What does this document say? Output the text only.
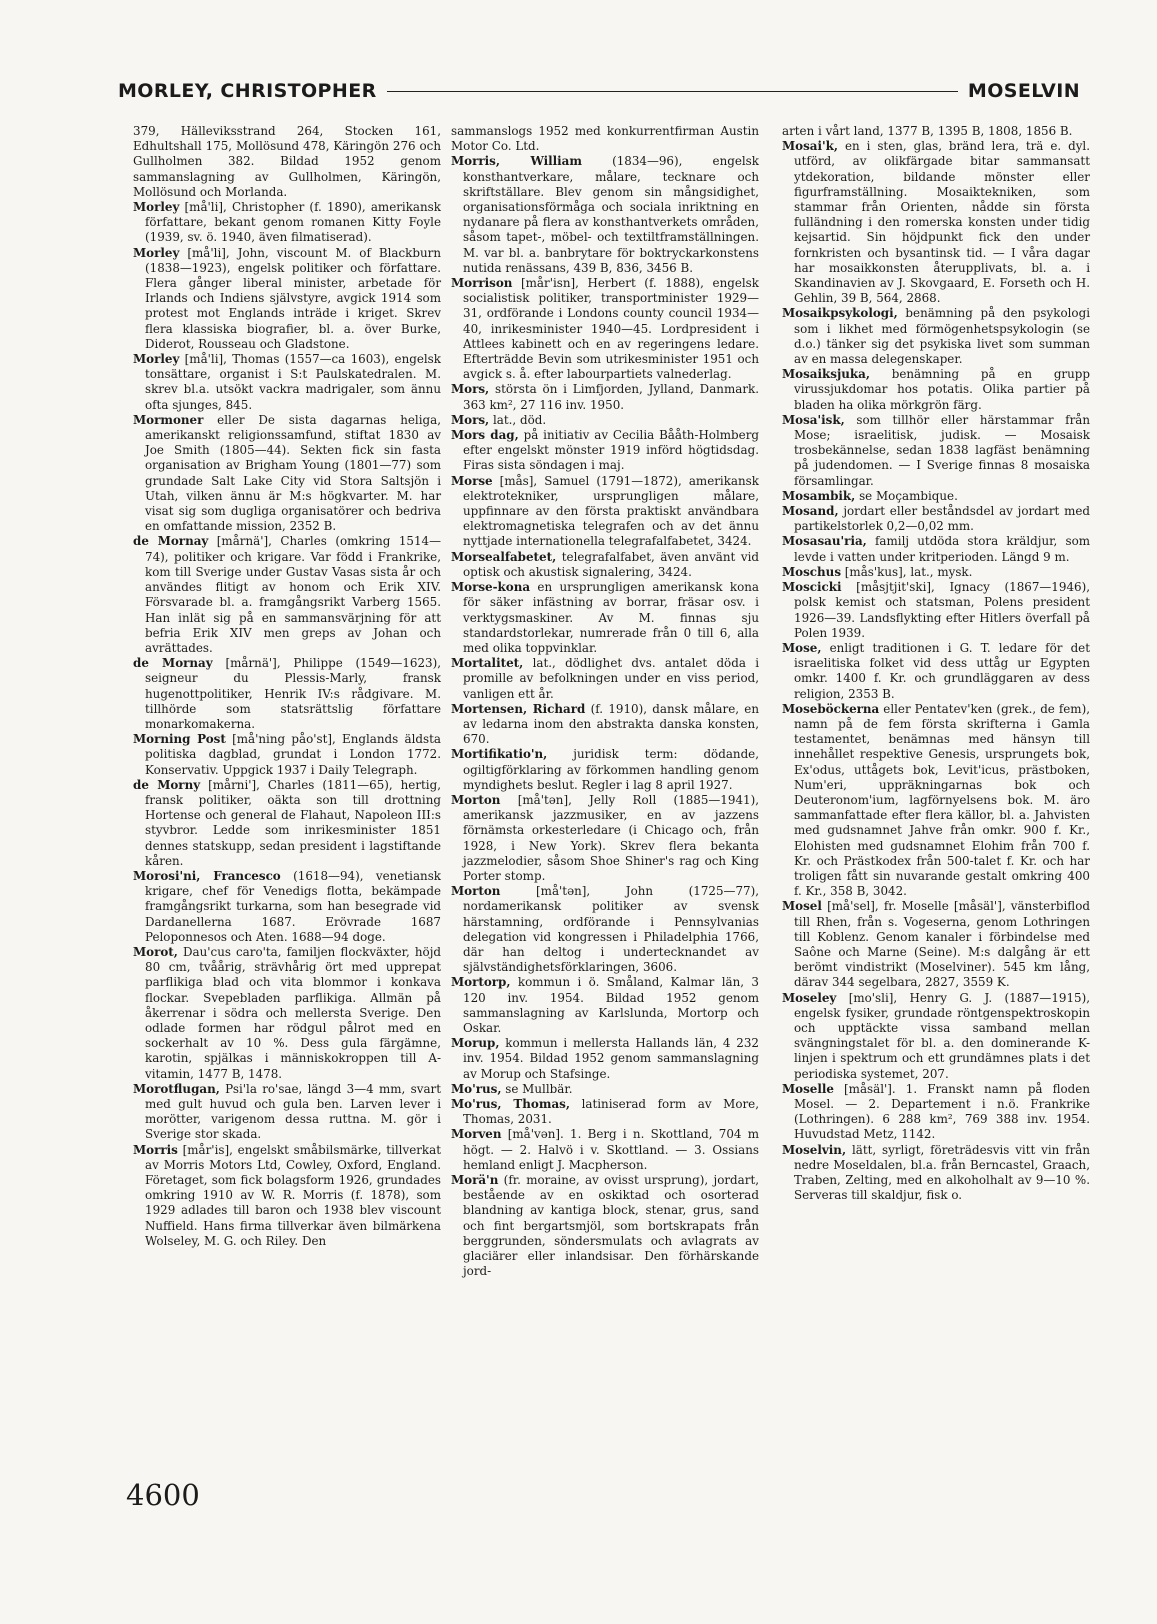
MORLEY, CHRISTOPHER	MOSELVIN

379, Hälleviksstrand 264, Stocken 161, Edhultshall 175, Mollösund 478, Käringön 276 och Gullholmen 382. Bildad 1952 genom sammanslagning av Gullholmen, Käringön, Mollösund och Morlanda.

Morley [må'li], Christopher (f. 1890), amerikansk författare, bekant genom romanen Kitty Foyle (1939, sv. ö. 1940, även filmatiserad).

Morley [må'li], John, viscount M. of Blackburn (1838—1923), engelsk politiker och författare. Flera gånger liberal minister, arbetade för Irlands och Indiens självstyre, avgick 1914 som protest mot Englands inträde i kriget. Skrev flera klassiska biografier, bl. a. över Burke, Diderot, Rousseau och Gladstone.

Morley [må'li], Thomas (1557—ca 1603), engelsk tonsättare, organist i S:t Paulskatedralen. M. skrev bl.a. utsökt vackra madrigaler, som ännu ofta sjunges, 845.

Mormoner eller De sista dagarnas heliga, amerikanskt religionssamfund, stiftat 1830 av Joe Smith (1805—44). Sekten fick sin fasta organisation av Brigham Young (1801—77) som grundade Salt Lake City vid Stora Saltsjön i Utah, vilken ännu är M:s högkvarter. M. har visat sig som dugliga organisatörer och bedriva en omfattande mission, 2352 B.

de Mornay [mårnä'], Charles (omkring 1514—74), politiker och krigare. Var född i Frankrike, kom till Sverige under Gustav Vasas sista år och användes flitigt av honom och Erik XIV. Försvarade bl. a. framgångsrikt Varberg 1565. Han inlät sig på en sammansvärjning för att befria Erik XIV men greps av Johan och avrättades.

de Mornay [mårnä'], Philippe (1549—1623), seigneur du Plessis-Marly, fransk hugenottpolitiker, Henrik IV:s rådgivare. M. tillhörde som statsrättslig författare monarkomakerna.

Morning Post [må'ning påo'st], Englands äldsta politiska dagblad, grundat i London 1772. Konservativ. Uppgick 1937 i Daily Telegraph.

de Morny [mårni'], Charles (1811—65), hertig, fransk politiker, oäkta son till drottning Hortense och general de Flahaut, Napoleon III:s styvbror. Ledde som inrikesminister 1851 dennes statskupp, sedan president i lagstiftande kåren.

Morosi'ni, Francesco (1618—94), venetiansk krigare, chef för Venedigs flotta, bekämpade framgångsrikt turkarna, som han besegrade vid Dardanellerna 1687. Erövrade 1687 Peloponnesos och Aten. 1688—94 doge.

Morot, Dau'cus caro'ta, familjen flockväxter, höjd 80 cm, tvåårig, strävhårig ört med upprepat parflikiga blad och vita blommor i konkava flockar. Svepebladen parflikiga. Allmän på åkerrenar i södra och mellersta Sverige. Den odlade formen har rödgul pålrot med en sockerhalt av 10 %. Dess gula färgämne, karotin, spjälkas i människokroppen till A-vitamin, 1477 B, 1478.

Morotflugan, Psi'la ro'sae, längd 3—4 mm, svart med gult huvud och gula ben. Larven lever i morötter, varigenom dessa ruttna. M. gör i Sverige stor skada.

Morris [mår'is], engelskt småbilsmärke, tillverkat av Morris Motors Ltd, Cowley, Oxford, England. Företaget, som fick bolagsform 1926, grundades omkring 1910 av W. R. Morris (f. 1878), som 1929 adlades till baron och 1938 blev viscount Nuffield. Hans firma tillverkar även bilmärkena Wolseley, M. G. och Riley. Den

sammanslogs 1952 med konkurrentfirman Austin Motor Co. Ltd.

Morris, William (1834—96), engelsk konsthantverkare, målare, tecknare och skriftställare. Blev genom sin mångsidighet, organisationsförmåga och sociala inriktning en nydanare på flera av konsthantverkets områden, såsom tapet-, möbel- och textiltframställningen. M. var bl. a. banbrytare för boktryckarkonstens nutida renässans, 439 B, 836, 3456 B.

Morrison [mår'isn], Herbert (f. 1888), engelsk socialistisk politiker, transportminister 1929—31, ordförande i Londons county council 1934—40, inrikesminister 1940—45. Lordpresident i Attlees kabinett och en av regeringens ledare. Efterträdde Bevin som utrikesminister 1951 och avgick s. å. efter labourpartiets valnederlag.

Mors, största ön i Limfjorden, Jylland, Danmark. 363 km², 27 116 inv. 1950.

Mors, lat., död.

Mors dag, på initiativ av Cecilia Bååth-Holmberg efter engelskt mönster 1919 införd högtidsdag. Firas sista söndagen i maj.

Morse [mås], Samuel (1791—1872), amerikansk elektrotekniker, ursprungligen målare, uppfinnare av den första praktiskt användbara elektromagnetiska telegrafen och av det ännu nyttjade internationella telegrafalfabetet, 3424.

Morsealfabetet, telegrafalfabet, även använt vid optisk och akustisk signalering, 3424.

Morse-kona en ursprungligen amerikansk kona för säker infästning av borrar, fräsar osv. i verktygsmaskiner. Av M. finnas sju standardstorlekar, numrerade från 0 till 6, alla med olika toppvinklar.

Mortalitet, lat., dödlighet dvs. antalet döda i promille av befolkningen under en viss period, vanligen ett år.

Mortensen, Richard (f. 1910), dansk målare, en av ledarna inom den abstrakta danska konsten, 670.

Mortifikatio'n, juridisk term: dödande, ogiltigförklaring av förkommen handling genom myndighets beslut. Regler i lag 8 april 1927.

Morton [må'tən], Jelly Roll (1885—1941), amerikansk jazzmusiker, en av jazzens förnämsta orkesterledare (i Chicago och, från 1928, i New York). Skrev flera bekanta jazzmelodier, såsom Shoe Shiner's rag och King Porter stomp.

Morton [må'tən], John (1725—77), nordamerikansk politiker av svensk härstamning, ordförande i Pennsylvanias delegation vid kongressen i Philadelphia 1766, där han deltog i undertecknandet av självständighetsförklaringen, 3606.

Mortorp, kommun i ö. Småland, Kalmar län, 3 120 inv. 1954. Bildad 1952 genom sammanslagning av Karlslunda, Mortorp och Oskar.

Morup, kommun i mellersta Hallands län, 4 232 inv. 1954. Bildad 1952 genom sammanslagning av Morup och Stafsinge.

Mo'rus, se Mullbär.

Mo'rus, Thomas, latiniserad form av More, Thomas, 2031.

Morven [må'vən]. 1. Berg i n. Skottland, 704 m högt. — 2. Halvö i v. Skottland. — 3. Ossians hemland enligt J. Macpherson.

Morä'n (fr. moraine, av ovisst ursprung), jordart, bestående av en oskiktad och osorterad blandning av kantiga block, stenar, grus, sand och fint bergartsmjöl, som bortskrapats från berggrunden, söndersmulats och avlagrats av glaciärer eller inlandsisar. Den förhärskande jord-

arten i vårt land, 1377 B, 1395 B, 1808, 1856 B.

Mosai'k, en i sten, glas, bränd lera, trä e. dyl. utförd, av olikfärgade bitar sammansatt ytdekoration, bildande mönster eller figurframställning. Mosaiktekniken, som stammar från Orienten, nådde sin första fulländning i den romerska konsten under tidig kejsartid. Sin höjdpunkt fick den under fornkristen och bysantinsk tid. — I våra dagar har mosaikkonsten återupplivats, bl. a. i Skandinavien av J. Skovgaard, E. Forseth och H. Gehlin, 39 B, 564, 2868.

Mosaikpsykologi, benämning på den psykologi som i likhet med förmögenhetspsykologin (se d.o.) tänker sig det psykiska livet som summan av en massa delegenskaper.

Mosaiksjuka, benämning på en grupp virussjukdomar hos potatis. Olika partier på bladen ha olika mörkgrön färg.

Mosa'isk, som tillhör eller härstammar från Mose; israelitisk, judisk. — Mosaisk trosbekännelse, sedan 1838 lagfäst benämning på judendomen. — I Sverige finnas 8 mosaiska församlingar.

Mosambik, se Moçambique.

Mosand, jordart eller beståndsdel av jordart med partikelstorlek 0,2—0,02 mm.

Mosasau'ria, familj utdöda stora kräldjur, som levde i vatten under kritperioden. Längd 9 m.

Moschus [mås'kus], lat., mysk.

Moscicki [måsjtjit'ski], Ignacy (1867—1946), polsk kemist och statsman, Polens president 1926—39. Landsflykting efter Hitlers överfall på Polen 1939.

Mose, enligt traditionen i G. T. ledare för det israelitiska folket vid dess uttåg ur Egypten omkr. 1400 f. Kr. och grundläggaren av dess religion, 2353 B.

Moseböckerna eller Pentatev'ken (grek., de fem), namn på de fem första skrifterna i Gamla testamentet, benämnas med hänsyn till innehållet respektive Genesis, ursprungets bok, Ex'odus, uttågets bok, Levit'icus, prästboken, Num'eri, uppräkningarnas bok och Deuteronom'ium, lagförnyelsens bok. M. äro sammanfattade efter flera källor, bl. a. Jahvisten med gudsnamnet Jahve från omkr. 900 f. Kr., Elohisten med gudsnamnet Elohim från 700 f. Kr. och Prästkodex från 500-talet f. Kr. och har troligen fått sin nuvarande gestalt omkring 400 f. Kr., 358 B, 3042.

Mosel [må'sel], fr. Moselle [måsäl'], vänsterbiflod till Rhen, från s. Vogeserna, genom Lothringen till Koblenz. Genom kanaler i förbindelse med Saône och Marne (Seine). M:s dalgång är ett berömt vindistrikt (Moselviner). 545 km lång, därav 344 segelbara, 2827, 3559 K.

Moseley [mo'sli], Henry G. J. (1887—1915), engelsk fysiker, grundade röntgenspektroskopin och upptäckte vissa samband mellan svängningstalet för bl. a. den dominerande K-linjen i spektrum och ett grundämnes plats i det periodiska systemet, 207.

Moselle [måsäl']. 1. Franskt namn på floden Mosel. — 2. Departement i n.ö. Frankrike (Lothringen). 6 288 km², 769 388 inv. 1954. Huvudstad Metz, 1142.

Moselvin, lätt, syrligt, företrädesvis vitt vin från nedre Moseldalen, bl.a. från Berncastel, Graach, Traben, Zelting, med en alkoholhalt av 9—10 %. Serveras till skaldjur, fisk o.

4600
